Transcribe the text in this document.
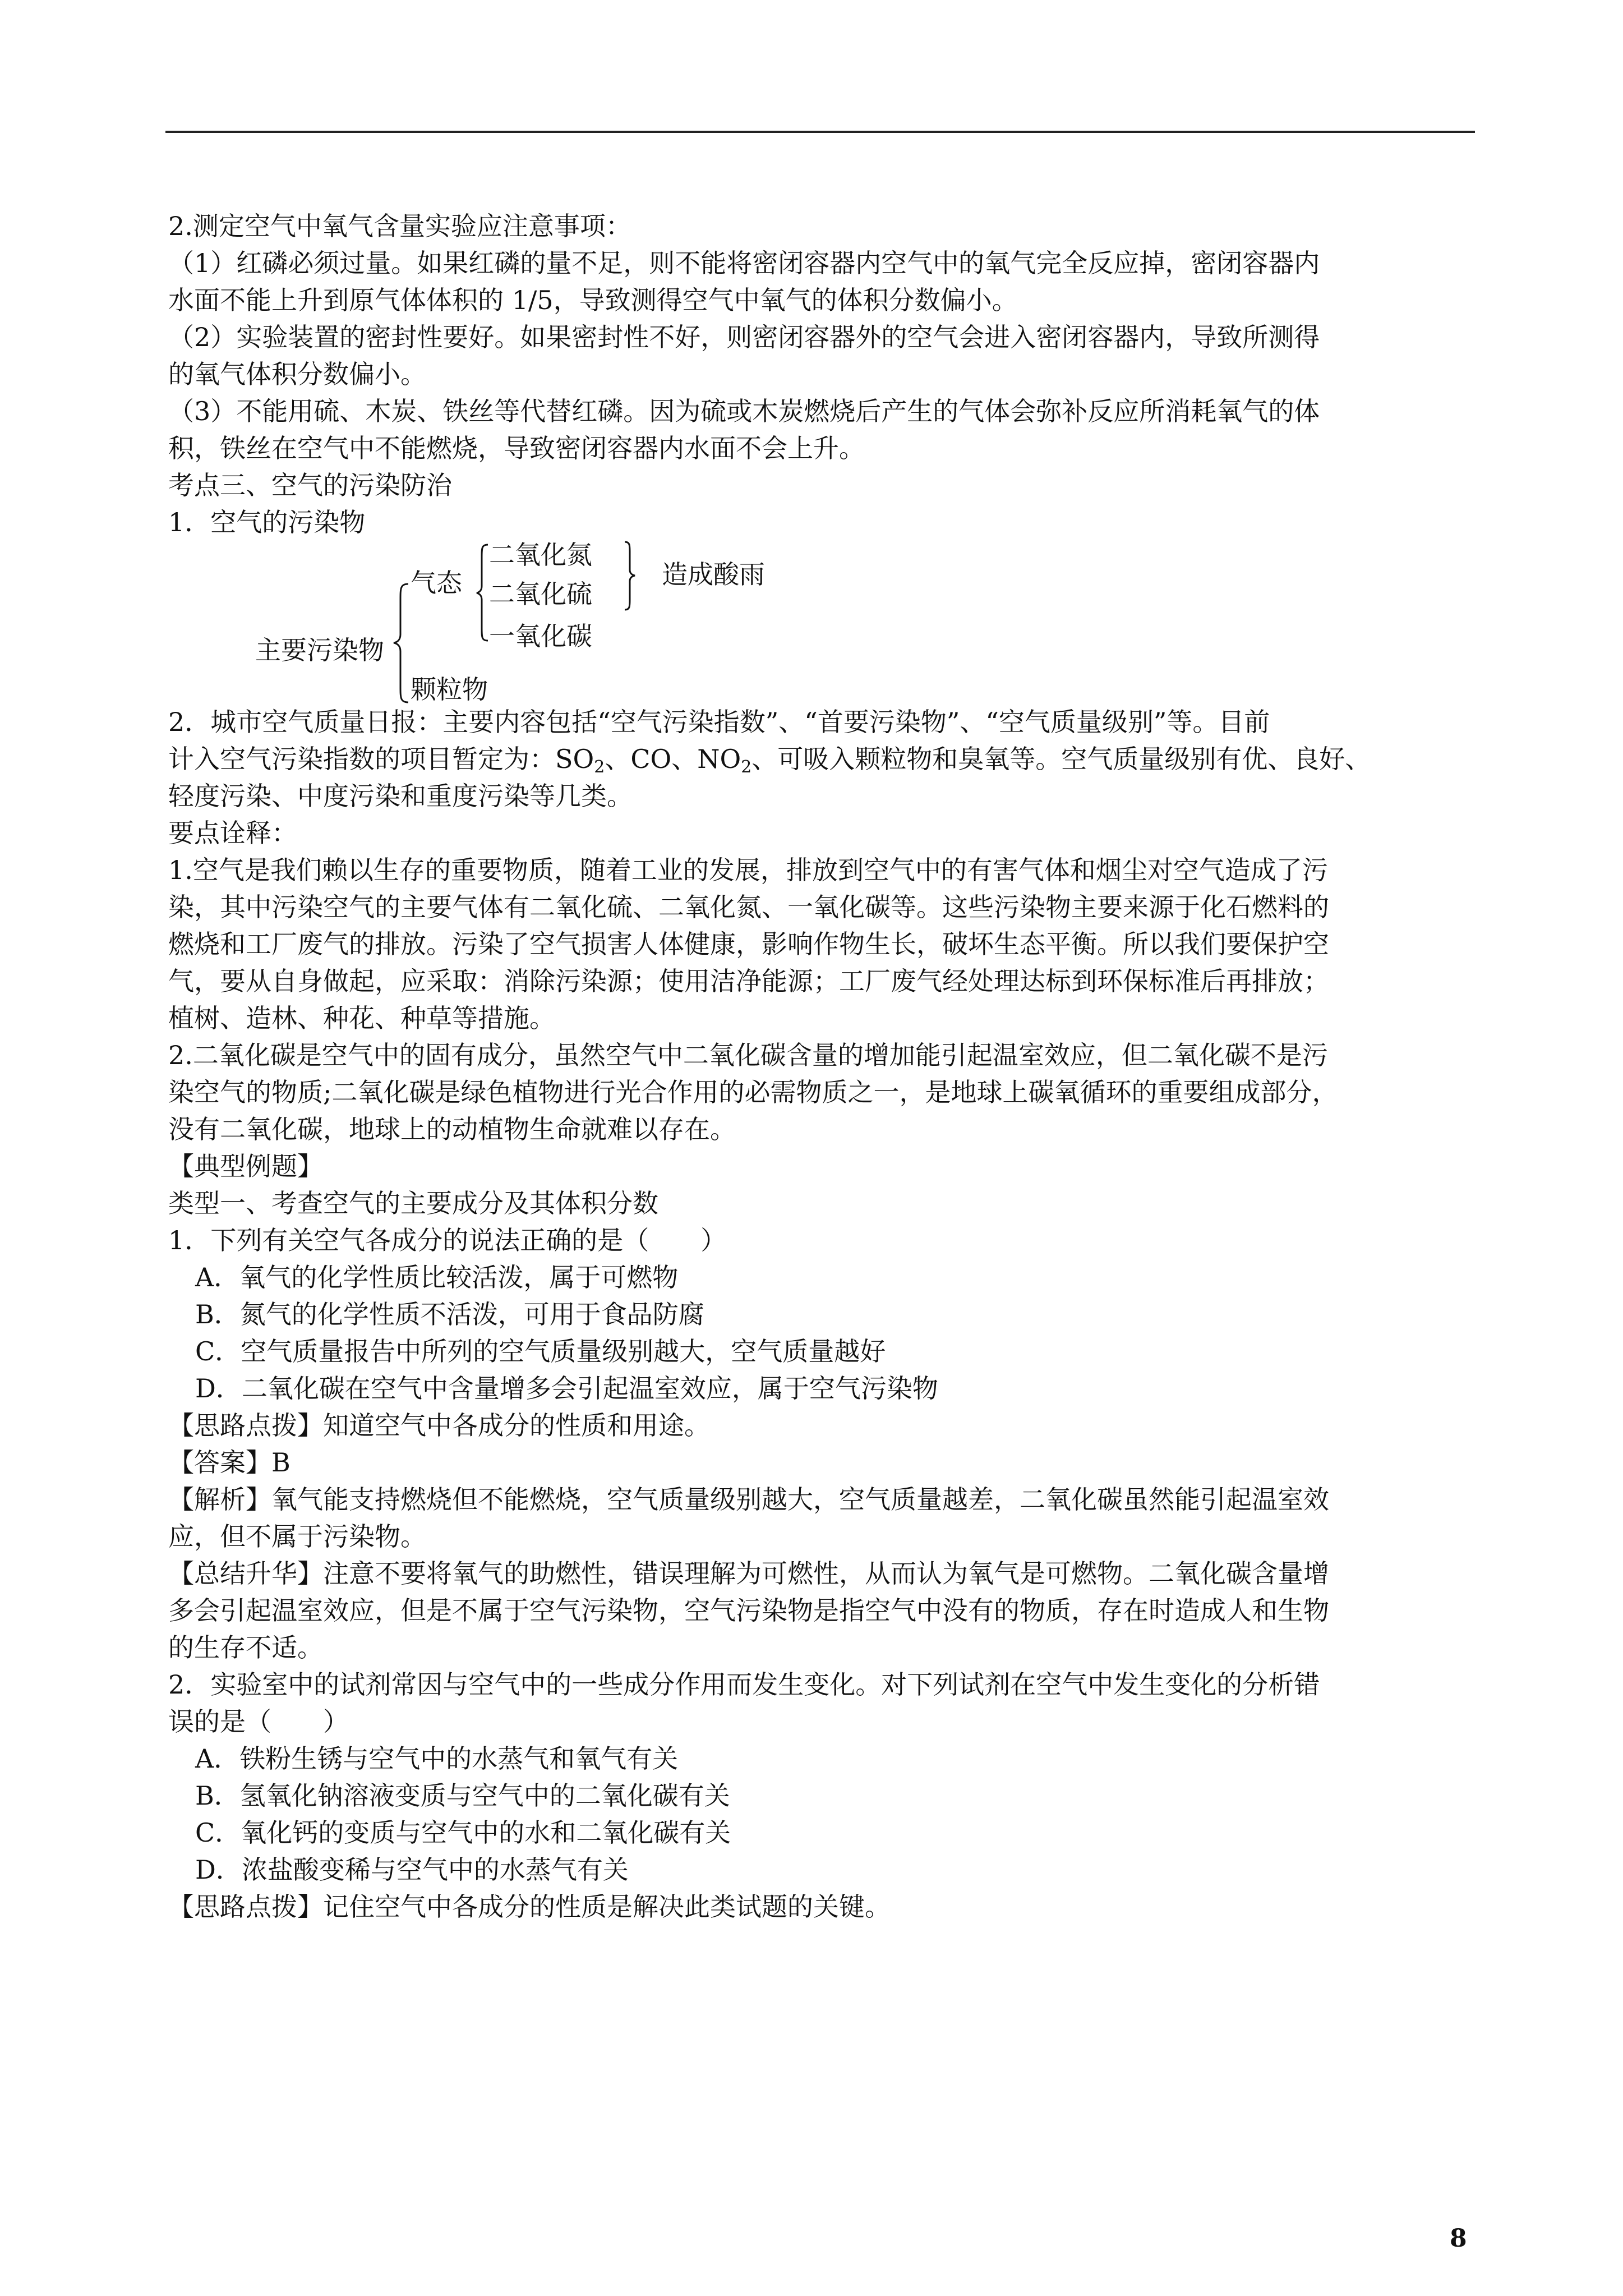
2.测定空气中氧气含量实验应注意事项：
（1）红磷必须过量。如果红磷的量不足，则不能将密闭容器内空气中的氧气完全反应掉，密闭容器内
水面不能上升到原气体体积的 1/5，导致测得空气中氧气的体积分数偏小。
（2）实验装置的密封性要好。如果密封性不好，则密闭容器外的空气会进入密闭容器内，导致所测得
的氧气体积分数偏小。
（3）不能用硫、木炭、铁丝等代替红磷。因为硫或木炭燃烧后产生的气体会弥补反应所消耗氧气的体
积，铁丝在空气中不能燃烧，导致密闭容器内水面不会上升。
考点三、空气的污染防治
1．空气的污染物
主要污染物
气态
二氧化氮
二氧化硫
一氧化碳
造成酸雨
颗粒物
2．城市空气质量日报：主要内容包括“空气污染指数”、“首要污染物”、“空气质量级别”等。目前
计入空气污染指数的项目暂定为：$SO_2$、CO、$NO_2$、可吸入颗粒物和臭氧等。空气质量级别有优、良好、
轻度污染、中度污染和重度污染等几类。
要点诠释：
1.空气是我们赖以生存的重要物质，随着工业的发展，排放到空气中的有害气体和烟尘对空气造成了污
染，其中污染空气的主要气体有二氧化硫、二氧化氮、一氧化碳等。这些污染物主要来源于化石燃料的
燃烧和工厂废气的排放。污染了空气损害人体健康，影响作物生长，破坏生态平衡。所以我们要保护空
气，要从自身做起，应采取：消除污染源；使用洁净能源；工厂废气经处理达标到环保标准后再排放；
植树、造林、种花、种草等措施。
2.二氧化碳是空气中的固有成分，虽然空气中二氧化碳含量的增加能引起温室效应，但二氧化碳不是污
染空气的物质;二氧化碳是绿色植物进行光合作用的必需物质之一，是地球上碳氧循环的重要组成部分，
没有二氧化碳，地球上的动植物生命就难以存在。
【典型例题】
类型一、考查空气的主要成分及其体积分数
1．下列有关空气各成分的说法正确的是（　　）
A．氧气的化学性质比较活泼，属于可燃物
B．氮气的化学性质不活泼，可用于食品防腐
C．空气质量报告中所列的空气质量级别越大，空气质量越好
D．二氧化碳在空气中含量增多会引起温室效应，属于空气污染物
【思路点拨】知道空气中各成分的性质和用途。
【答案】B
【解析】氧气能支持燃烧但不能燃烧，空气质量级别越大，空气质量越差，二氧化碳虽然能引起温室效
应，但不属于污染物。
【总结升华】注意不要将氧气的助燃性，错误理解为可燃性，从而认为氧气是可燃物。二氧化碳含量增
多会引起温室效应，但是不属于空气污染物，空气污染物是指空气中没有的物质，存在时造成人和生物
的生存不适。
2．实验室中的试剂常因与空气中的一些成分作用而发生变化。对下列试剂在空气中发生变化的分析错
误的是（　　）
A．铁粉生锈与空气中的水蒸气和氧气有关
B．氢氧化钠溶液变质与空气中的二氧化碳有关
C．氧化钙的变质与空气中的水和二氧化碳有关
D．浓盐酸变稀与空气中的水蒸气有关
【思路点拨】记住空气中各成分的性质是解决此类试题的关键。
8
